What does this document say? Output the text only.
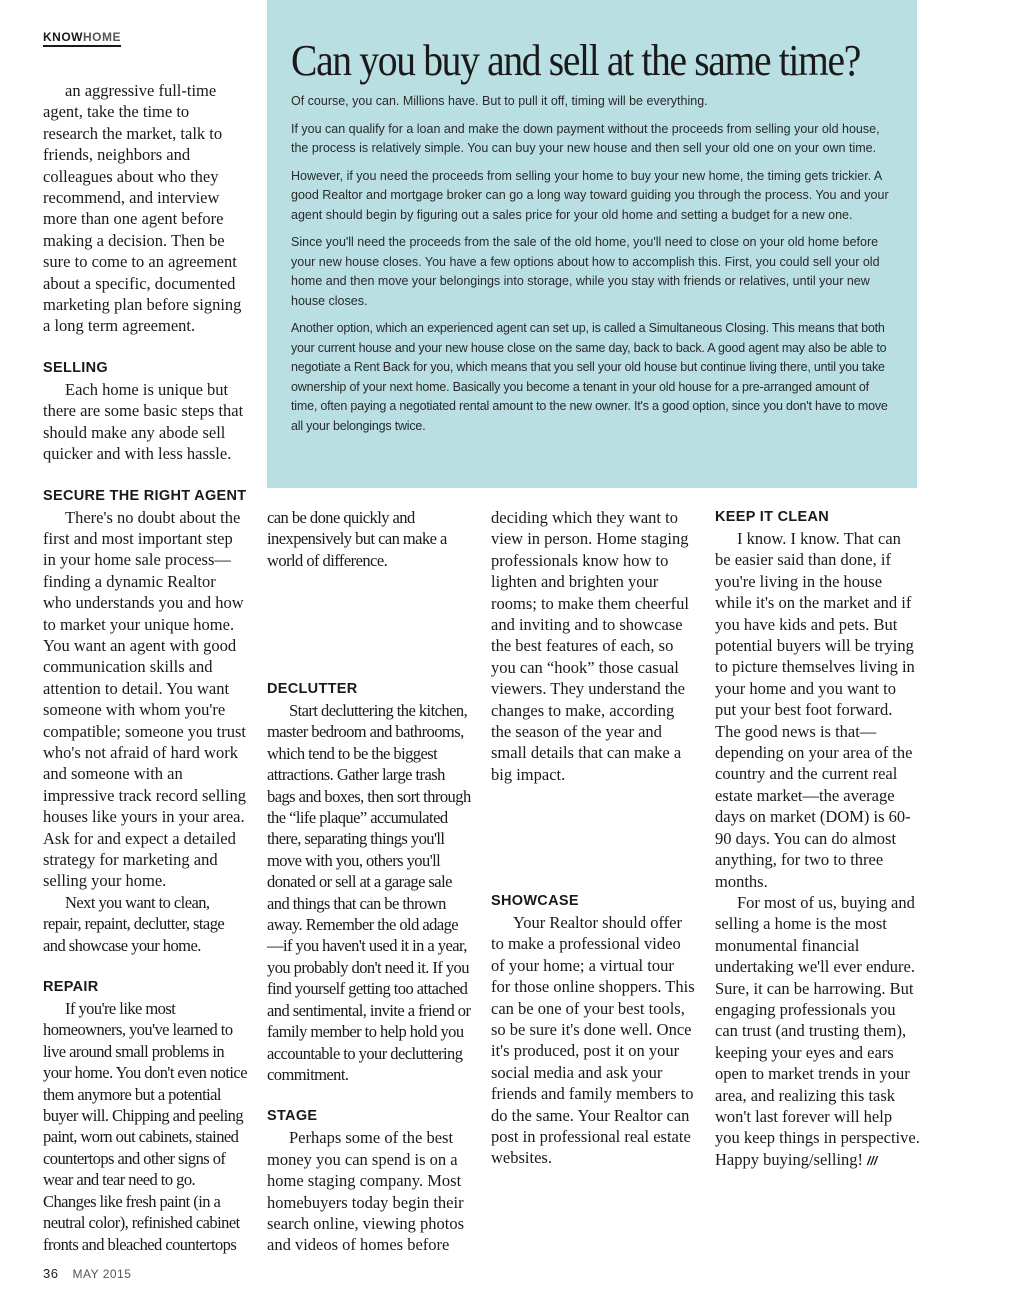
KNOWHOME	Can you buy and sell at the same time?

Of course, you can. Millions have. But to pull it off, timing will be everything.

If you can qualify for a loan and make the down payment without the proceeds from selling your old house, the process is relatively simple. You can buy your new house and then sell your old one on your own time.

However, if you need the proceeds from selling your home to buy your new home, the timing gets trickier. A good Realtor and mortgage broker can go a long way toward guiding you through the process. You and your agent should begin by figuring out a sales price for your old home and setting a budget for a new one.

Since you'll need the proceeds from the sale of the old home, you'll need to close on your old home before your new house closes. You have a few options about how to accomplish this. First, you could sell your old home and then move your belongings into storage, while you stay with friends or relatives, until your new house closes.

Another option, which an experienced agent can set up, is called a Simultaneous Closing. This means that both your current house and your new house close on the same day, back to back. A good agent may also be able to negotiate a Rent Back for you, which means that you sell your old house but continue living there, until you take ownership of your next home. Basically you become a tenant in your old house for a pre-arranged amount of time, often paying a negotiated rental amount to the new owner. It's a good option, since you don't have to move all your belongings twice.

an aggressive full-time agent, take the time to research the market, talk to friends, neighbors and colleagues about who they recommend, and interview more than one agent before making a decision. Then be sure to come to an agreement about a specific, documented marketing plan before signing a long term agreement.

SELLING

Each home is unique but there are some basic steps that should make any abode sell quicker and with less hassle.

SECURE THE RIGHT AGENT

There's no doubt about the first and most important step in your home sale process—finding a dynamic Realtor who understands you and how to market your unique home. You want an agent with good communication skills and attention to detail. You want someone with whom you're compatible; someone you trust who's not afraid of hard work and someone with an impressive track record selling houses like yours in your area. Ask for and expect a detailed strategy for marketing and selling your home.

Next you want to clean, repair, repaint, declutter, stage and showcase your home.

REPAIR

If you're like most homeowners, you've learned to live around small problems in your home. You don't even notice them anymore but a potential buyer will. Chipping and peeling paint, worn out cabinets, stained countertops and other signs of wear and tear need to go. Changes like fresh paint (in a neutral color), refinished cabinet fronts and bleached countertops

can be done quickly and inexpensively but can make a world of difference.

DECLUTTER

Start decluttering the kitchen, master bedroom and bathrooms, which tend to be the biggest attractions. Gather large trash bags and boxes, then sort through the “life plaque” accumulated there, separating things you'll move with you, others you'll donated or sell at a garage sale and things that can be thrown away. Remember the old adage—if you haven't used it in a year, you probably don't need it. If you find yourself getting too attached and sentimental, invite a friend or family member to help hold you accountable to your decluttering commitment.

STAGE

Perhaps some of the best money you can spend is on a home staging company. Most homebuyers today begin their search online, viewing photos and videos of homes before

deciding which they want to view in person. Home staging professionals know how to lighten and brighten your rooms; to make them cheerful and inviting and to showcase the best features of each, so you can “hook” those casual viewers. They understand the changes to make, according the season of the year and small details that can make a big impact.

SHOWCASE

Your Realtor should offer to make a professional video of your home; a virtual tour for those online shoppers. This can be one of your best tools, so be sure it's done well. Once it's produced, post it on your social media and ask your friends and family members to do the same. Your Realtor can post in professional real estate websites.

KEEP IT CLEAN

I know. I know. That can be easier said than done, if you're living in the house while it's on the market and if you have kids and pets. But potential buyers will be trying to picture themselves living in your home and you want to put your best foot forward. The good news is that—depending on your area of the country and the current real estate market—the average days on market (DOM) is 60-90 days. You can do almost anything, for two to three months.

For most of us, buying and selling a home is the most monumental financial undertaking we'll ever endure. Sure, it can be harrowing. But engaging professionals you can trust (and trusting them), keeping your eyes and ears open to market trends in your area, and realizing this task won't last forever will help you keep things in perspective. Happy buying/selling! ///

36 MAY 2015
